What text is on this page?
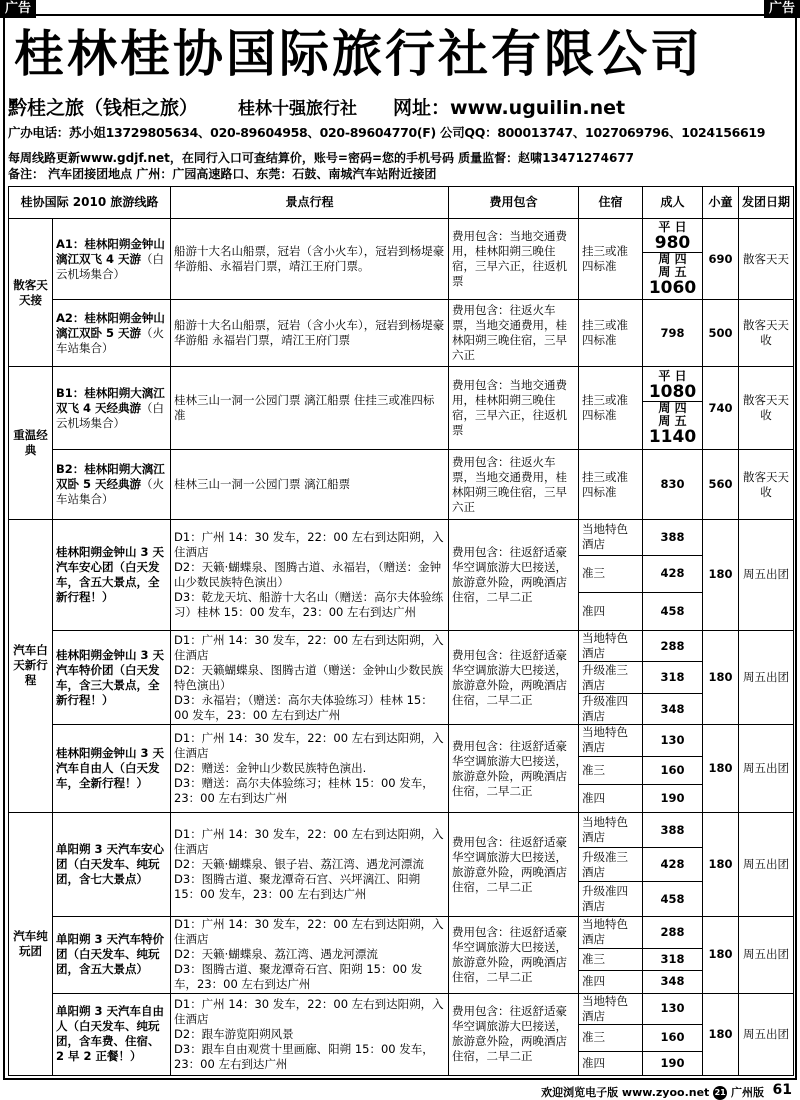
广告	广告
桂林桂协国际旅行社有限公司
黔桂之旅（钱柜之旅） 桂林十强旅行社 网址：www.uguilin.net
广办电话：苏小姐13729805634、020-89604958、020-89604770(F) 公司QQ：800013747、1027069796、1024156619
每周线路更新www.gdjf.net，在同行入口可查结算价，账号=密码=您的手机号码 质量监督：赵啸13471274677
备注： 汽车团接团地点 广州：广园高速路口、东莞：石鼓、南城汽车站附近接团
桂协国际 2010 旅游线路		景点行程	费用包含	住宿	成人	小童	发团日期
散客天天接	A1：桂林阳朔金钟山漓江双飞 4 天游（白云机场集合）	船游十大名山船票，冠岩（含小火车），冠岩到杨堤豪华游船、永福岩门票，靖江王府门票。	费用包含：当地交通费用，桂林阳朔三晚住宿，三早六正，往返机票	挂三或准四标准	平 日
980
周 四
周 五
1060	690	散客天天
	A2：桂林阳朔金钟山漓江双卧 5 天游（火车站集合）	船游十大名山船票，冠岩（含小火车），冠岩到杨堤豪华游船 永福岩门票，靖江王府门票	费用包含：往返火车票，当地交通费用，桂林阳朔三晚住宿，三早六正	挂三或准四标准	798	500	散客天天收
重温经典	B1：桂林阳朔大漓江双飞 4 天经典游（白云机场集合）	桂林三山一洞一公园门票 漓江船票 住挂三或准四标准	费用包含：当地交通费用，桂林阳朔三晚住宿，三早六正，往返机票	挂三或准四标准	平 日
1080
周 四
周 五
1140	740	散客天天收
	B2：桂林阳朔大漓江双卧 5 天经典游（火车站集合）	桂林三山一洞一公园门票 漓江船票	费用包含：往返火车票，当地交通费用，桂林阳朔三晚住宿，三早六正	挂三或准四标准	830	560	散客天天收
汽车白天新行程	桂林阳朔金钟山 3 天汽车安心团（白天发车，含五大景点，全新行程！）	D1：广州 14：30 发车，22：00 左右到达阳朔，入住酒店
D2：天籁·蝴蝶泉、图腾古道、永福岩，（赠送：金钟山少数民族特色演出）
D3：乾龙天坑、船游十大名山（赠送：高尔夫体验练习）桂林 15：00 发车，23：00 左右到达广州	费用包含：往返舒适豪华空调旅游大巴接送，旅游意外险，两晚酒店住宿，二早二正	当地特色酒店	388	180	周五出团
				准三	428		
				准四	458		
	桂林阳朔金钟山 3 天汽车特价团（白天发车，含三大景点，全新行程！）	D1：广州 14：30 发车，22：00 左右到达阳朔，入住酒店
D2：天籁蝴蝶泉、图腾古道（赠送：金钟山少数民族特色演出）
D3：永福岩；（赠送：高尔夫体验练习）桂林 15：00 发车，23：00 左右到达广州	费用包含：往返舒适豪华空调旅游大巴接送，旅游意外险，两晚酒店住宿，二早二正	当地特色酒店	288	180	周五出团
				升级准三酒店	318		
				升级准四酒店	348		
	桂林阳朔金钟山 3 天汽车自由人（白天发车，全新行程！）	D1：广州 14：30 发车，22：00 左右到达阳朔，入住酒店
D2：赠送：金钟山少数民族特色演出.
D3：赠送：高尔夫体验练习；桂林 15：00 发车，23：00 左右到达广州	费用包含：往返舒适豪华空调旅游大巴接送，旅游意外险，两晚酒店住宿，二早二正	当地特色酒店	130	180	周五出团
				准三	160		
				准四	190		
汽车纯玩团	单阳朔 3 天汽车安心团（白天发车、纯玩团，含七大景点）	D1：广州 14：30 发车，22：00 左右到达阳朔，入住酒店
D2：天籁·蝴蝶泉、银子岩、荔江湾、遇龙河漂流
D3：图腾古道、聚龙潭奇石宫、兴坪漓江、阳朔 15：00 发车，23：00 左右到达广州	费用包含：往返舒适豪华空调旅游大巴接送，旅游意外险，两晚酒店住宿，二早二正	当地特色酒店	388	180	周五出团
				升级准三酒店	428		
				升级准四酒店	458		
	单阳朔 3 天汽车特价团（白天发车、纯玩团，含五大景点）	D1：广州 14：30 发车，22：00 左右到达阳朔，入住酒店
D2：天籁·蝴蝶泉、荔江湾、遇龙河漂流
D3：图腾古道、聚龙潭奇石宫、阳朔 15：00 发车，23：00 左右到达广州	费用包含：往返舒适豪华空调旅游大巴接送，旅游意外险，两晚酒店住宿，二早二正	当地特色酒店	288	180	周五出团
				准三	318		
				准四	348		
	单阳朔 3 天汽车自由人（白天发车、纯玩团，含车费、住宿、2 早 2 正餐！）	D1：广州 14：30 发车，22：00 左右到达阳朔，入住酒店
D2：跟车游览阳朔风景
D3：跟车自由观赏十里画廊、阳朔 15：00 发车，23：00 左右到达广州	费用包含：往返舒适豪华空调旅游大巴接送，旅游意外险，两晚酒店住宿，二早二正	当地特色酒店	130	180	周五出团
				准三	160		
				准四	190		
欢迎浏览电子版 www.zyoo.net 21 广州版 61
